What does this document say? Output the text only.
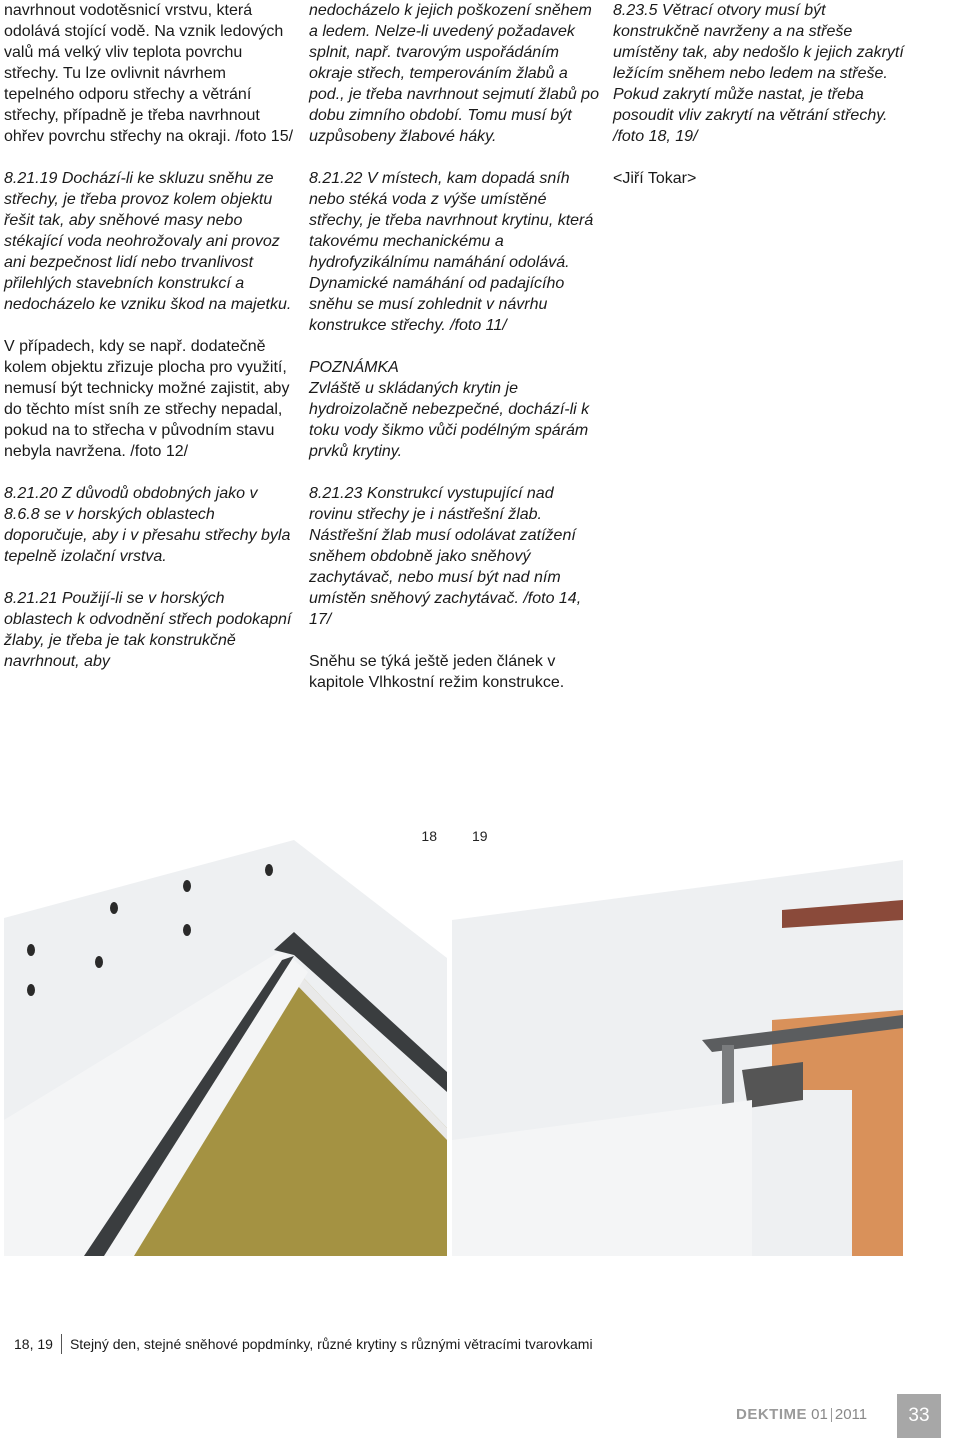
navrhnout vodotěsnicí vrstvu, která odolává stojící vodě. Na vznik ledových valů má velký vliv teplota povrchu střechy. Tu lze ovlivnit návrhem tepelného odporu střechy a větrání střechy, případně je třeba navrhnout ohřev povrchu střechy na okraji. /foto 15/

8.21.19 Dochází-li ke skluzu sněhu ze střechy, je třeba provoz kolem objektu řešit tak, aby sněhové masy nebo stékající voda neohrožovaly ani provoz ani bezpečnost lidí nebo trvanlivost přilehlých stavebních konstrukcí a nedocházelo ke vzniku škod na majetku.

V případech, kdy se např. dodatečně kolem objektu zřizuje plocha pro využití, nemusí být technicky možné zajistit, aby do těchto míst sníh ze střechy nepadal, pokud na to střecha v původním stavu nebyla navržena. /foto 12/

8.21.20 Z důvodů obdobných jako v 8.6.8 se v horských oblastech doporučuje, aby i v přesahu střechy byla tepelně izolační vrstva.

8.21.21 Použijí-li se v horských oblastech k odvodnění střech podokapní žlaby, je třeba je tak konstrukčně navrhnout, aby

nedocházelo k jejich poškození sněhem a ledem. Nelze-li uvedený požadavek splnit, např. tvarovým uspořádáním okraje střech, temperováním žlabů a pod., je třeba navrhnout sejmutí žlabů po dobu zimního období. Tomu musí být uzpůsobeny žlabové háky.

8.21.22 V místech, kam dopadá sníh nebo stéká voda z výše umístěné střechy, je třeba navrhnout krytinu, která takovému mechanickému a hydrofyzikálnímu namáhání odolává. Dynamické namáhání od padajícího sněhu se musí zohlednit v návrhu konstrukce střechy. /foto 11/

POZNÁMKA
Zvláště u skládaných krytin je hydroizolačně nebezpečné, dochází-li k toku vody šikmo vůči podélným spárám prvků krytiny.

8.21.23 Konstrukcí vystupující nad rovinu střechy je i nástřešní žlab. Nástřešní žlab musí odolávat zatížení sněhem obdobně jako sněhový zachytávač, nebo musí být nad ním umístěn sněhový zachytávač. /foto 14, 17/

Sněhu se týká ještě jeden článek v kapitole Vlhkostní režim konstrukce.

8.23.5 Větrací otvory musí být konstrukčně navrženy a na střeše umístěny tak, aby nedošlo k jejich zakrytí ležícím sněhem nebo ledem na střeše. Pokud zakrytí může nastat, je třeba posoudit vliv zakrytí na větrání střechy. /foto 18, 19/

<Jiří Tokar>
18	19
18, 19 Stejný den, stejné sněhové popdmínky, různé krytiny s různými větracími tvarovkami
DEKTIME 01 2011	33
